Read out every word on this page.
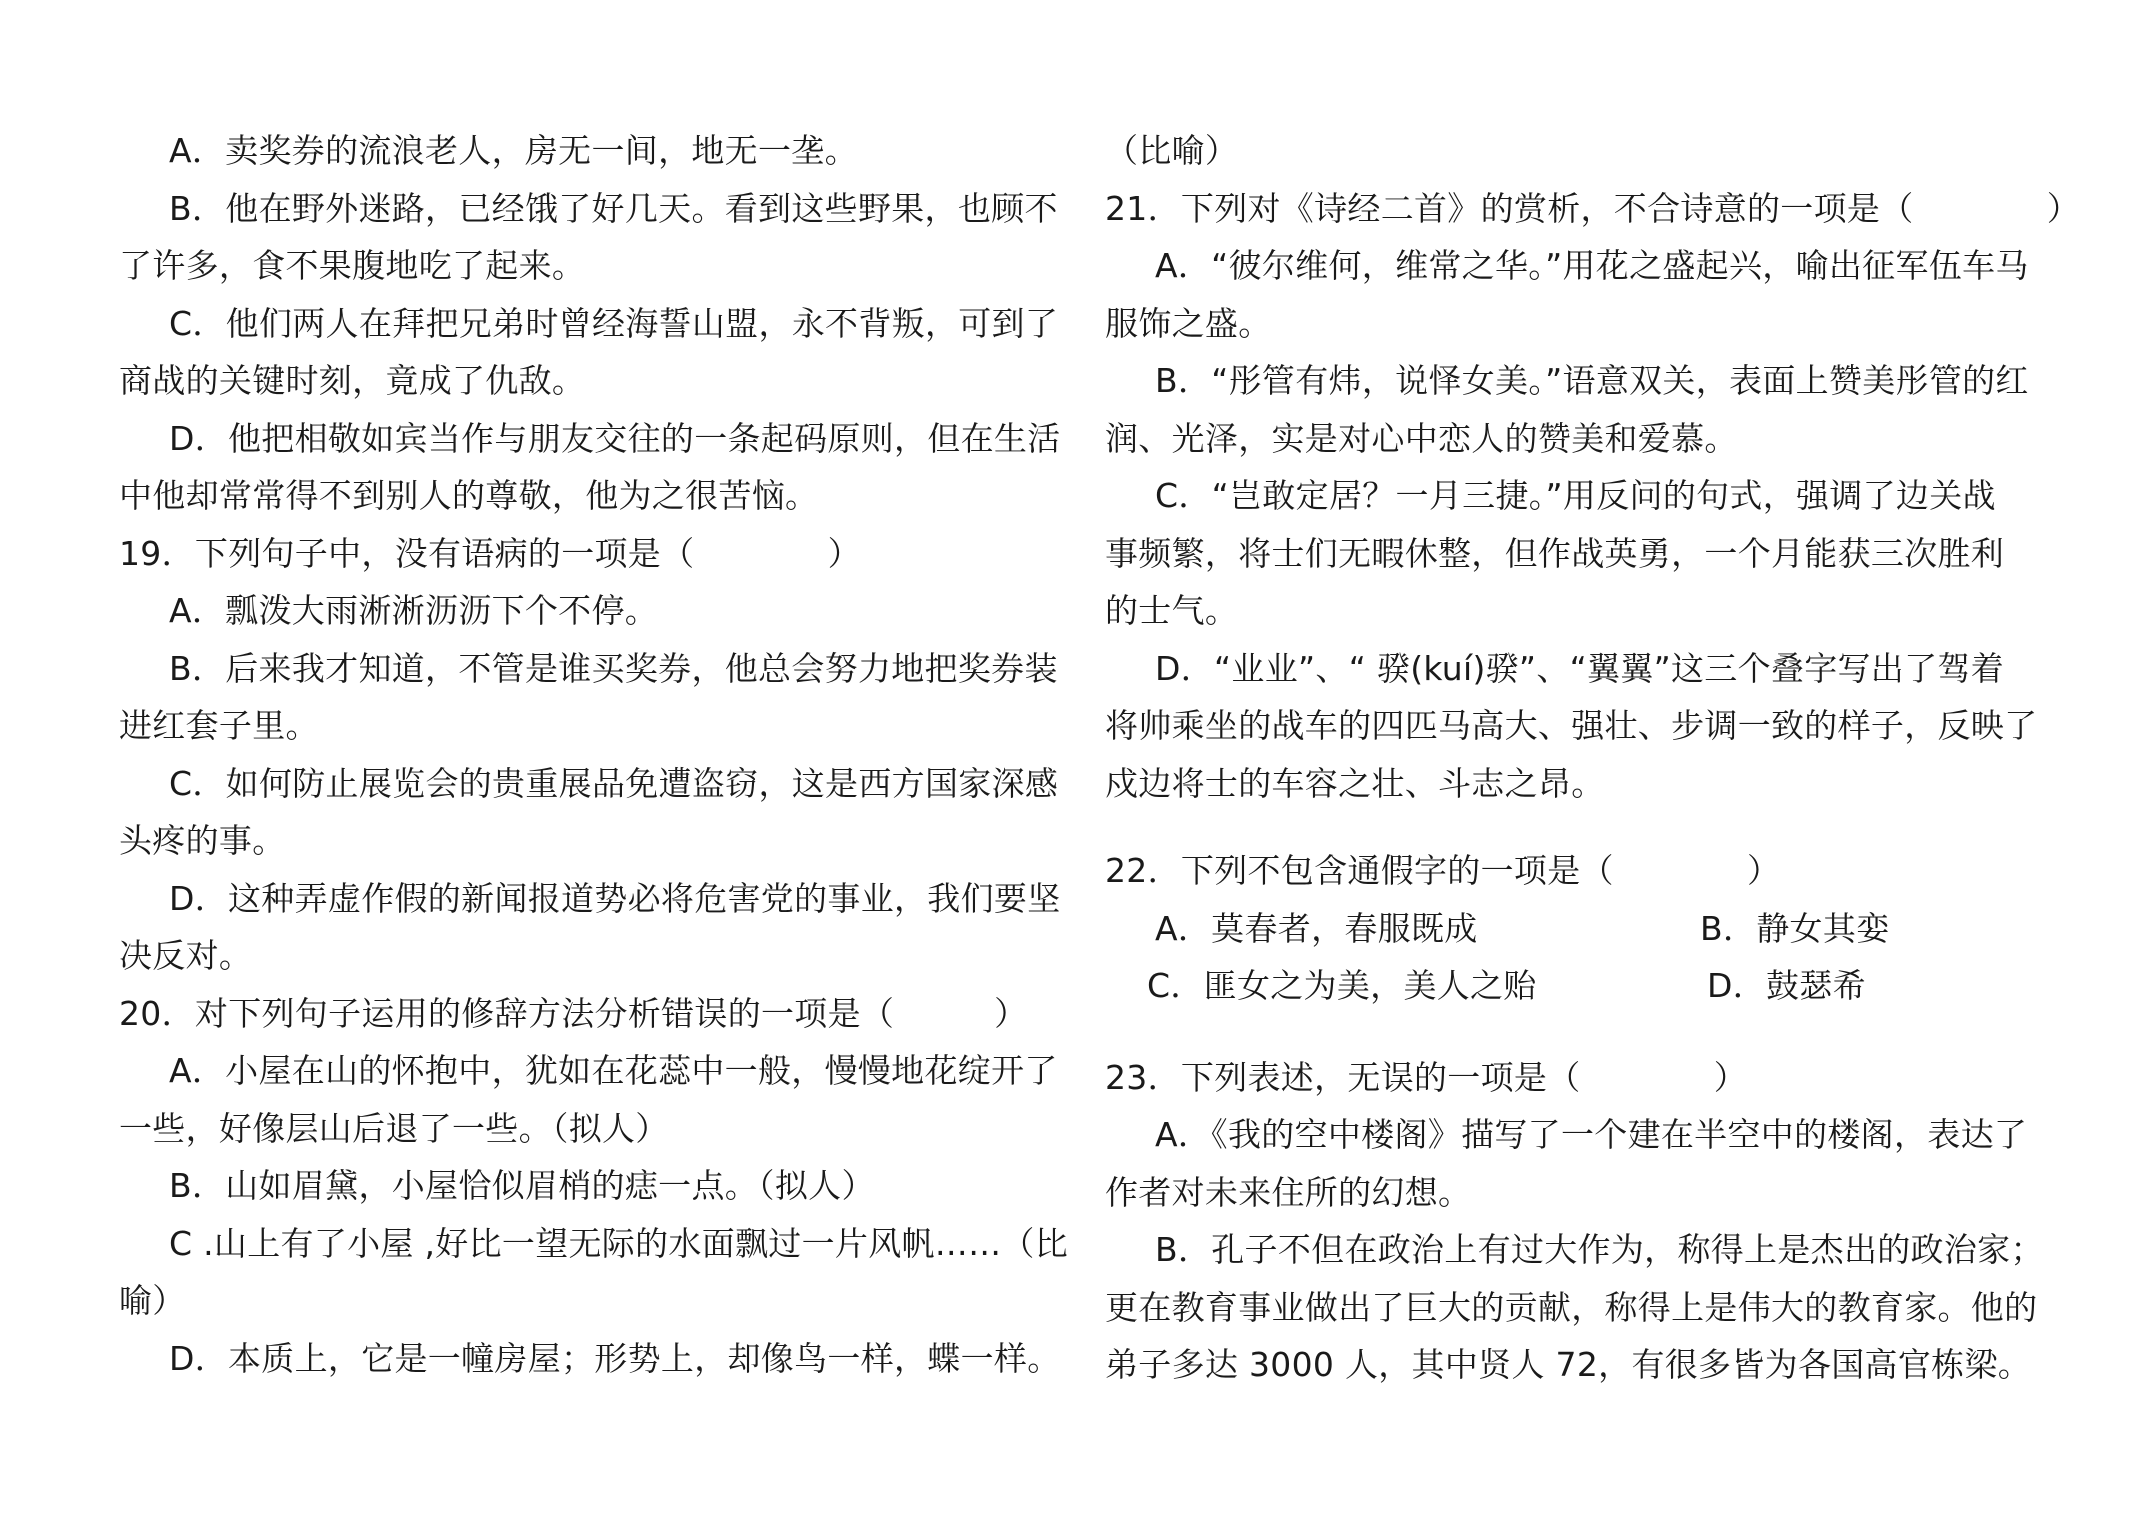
A．卖奖券的流浪老人，房无一间，地无一垄。
B．他在野外迷路，已经饿了好几天。看到这些野果，也顾不
了许多，食不果腹地吃了起来。
C．他们两人在拜把兄弟时曾经海誓山盟，永不背叛，可到了
商战的关键时刻，竟成了仇敌。
D．他把相敬如宾当作与朋友交往的一条起码原则，但在生活
中他却常常得不到别人的尊敬，他为之很苦恼。
19．下列句子中，没有语病的一项是（　　　　）
A．瓢泼大雨淅淅沥沥下个不停。
B．后来我才知道，不管是谁买奖券，他总会努力地把奖券装
进红套子里。
C．如何防止展览会的贵重展品免遭盗窃，这是西方国家深感
头疼的事。
D．这种弄虚作假的新闻报道势必将危害党的事业，我们要坚
决反对。
20．对下列句子运用的修辞方法分析错误的一项是（　　　）
A．小屋在山的怀抱中，犹如在花蕊中一般，慢慢地花绽开了
一些，好像层山后退了一些。（拟人）
B．山如眉黛，小屋恰似眉梢的痣一点。（拟人）
C .山上有了小屋 ,好比一望无际的水面飘过一片风帆……（比
喻）
D．本质上，它是一幢房屋；形势上，却像鸟一样，蝶一样。
（比喻）
21．下列对《诗经二首》的赏析，不合诗意的一项是（　　　　）
A．“彼尔维何，维常之华。”用花之盛起兴，喻出征军伍车马
服饰之盛。
B．“彤管有炜，说怿女美。”语意双关，表面上赞美彤管的红
润、光泽，实是对心中恋人的赞美和爱慕。
C．“岂敢定居？一月三捷。”用反问的句式，强调了边关战
事频繁，将士们无暇休整，但作战英勇，一个月能获三次胜利
的士气。
D．“业业”、“ 骙(kuí)骙”、“翼翼”这三个叠字写出了驾着
将帅乘坐的战车的四匹马高大、强壮、步调一致的样子，反映了
戍边将士的车容之壮、斗志之昂。
22．下列不包含通假字的一项是（　　　　）
A．莫春者，春服既成	B．静女其娈
C．匪女之为美，美人之贻	D．鼓瑟希
23．下列表述，无误的一项是（　　　　）
A．《我的空中楼阁》描写了一个建在半空中的楼阁，表达了
作者对未来住所的幻想。
B．孔子不但在政治上有过大作为，称得上是杰出的政治家；
更在教育事业做出了巨大的贡献，称得上是伟大的教育家。他的
弟子多达 3000 人，其中贤人 72，有很多皆为各国高官栋梁。
